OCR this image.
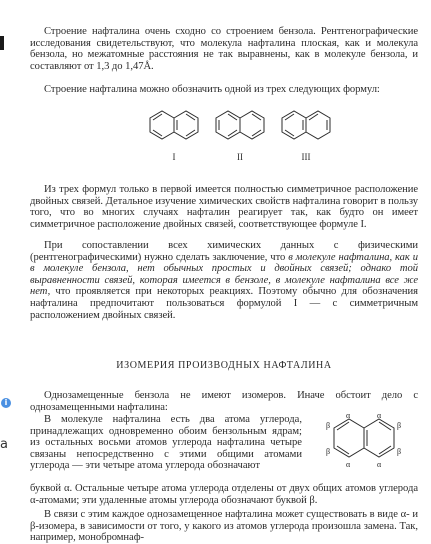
i
a
Строение нафталина очень сходно со строением бензола. Рентгенографические исследования свидетельствуют, что молекула нафталина плоская, как и молекула бензола, но межатомные расстояния не так выравнены, как в молекуле бензола, и составляют от 1,3 до 1,47Å.
Строение нафталина можно обозначить одной из трех следующих формул:
I	II	III
Из трех формул только в первой имеется полностью симметричное расположение двойных связей. Детальное изучение химических свойств нафталина говорит в пользу того, что во многих случаях нафталин реагирует так, как будто он имеет симметричное расположение двойных связей, соответствующее формуле I.
При сопоставлении всех химических данных с физическими (рентгенографическими) нужно сделать заключение, что в молекуле нафталина, как и в молекуле бензола, нет обычных простых и двойных связей; однако той выравненности связей, которая имеется в бензоле, в молекуле нафталина все же нет, что проявляется при некоторых реакциях. Поэтому обычно для обозначения нафталина предпочитают пользоваться формулой I — с симметричным расположением двойных связей.
ИЗОМЕРИЯ ПРОИЗВОДНЫХ НАФТАЛИНА
Однозамещенные бензола не имеют изомеров. Иначе обстоит дело с однозамещенными нафталина:
В молекуле нафталина есть два атома углерода, принадлежащих одновременно обоим бензольным ядрам; из остальных восьми атомов углерода нафталина четыре связаны непосредственно с этими общими атомами углерода — эти четыре атома углерода обозначают
α	α
α	α
β	β
β	β
буквой α. Остальные четыре атома углерода отделены от двух общих атомов углерода α-атомами; эти удаленные атомы углерода обозначают буквой β.
В связи с этим каждое однозамещенное нафталина может существовать в виде α- и β-изомера, в зависимости от того, у какого из атомов углерода произошла замена. Так, например, монобромнаф-
